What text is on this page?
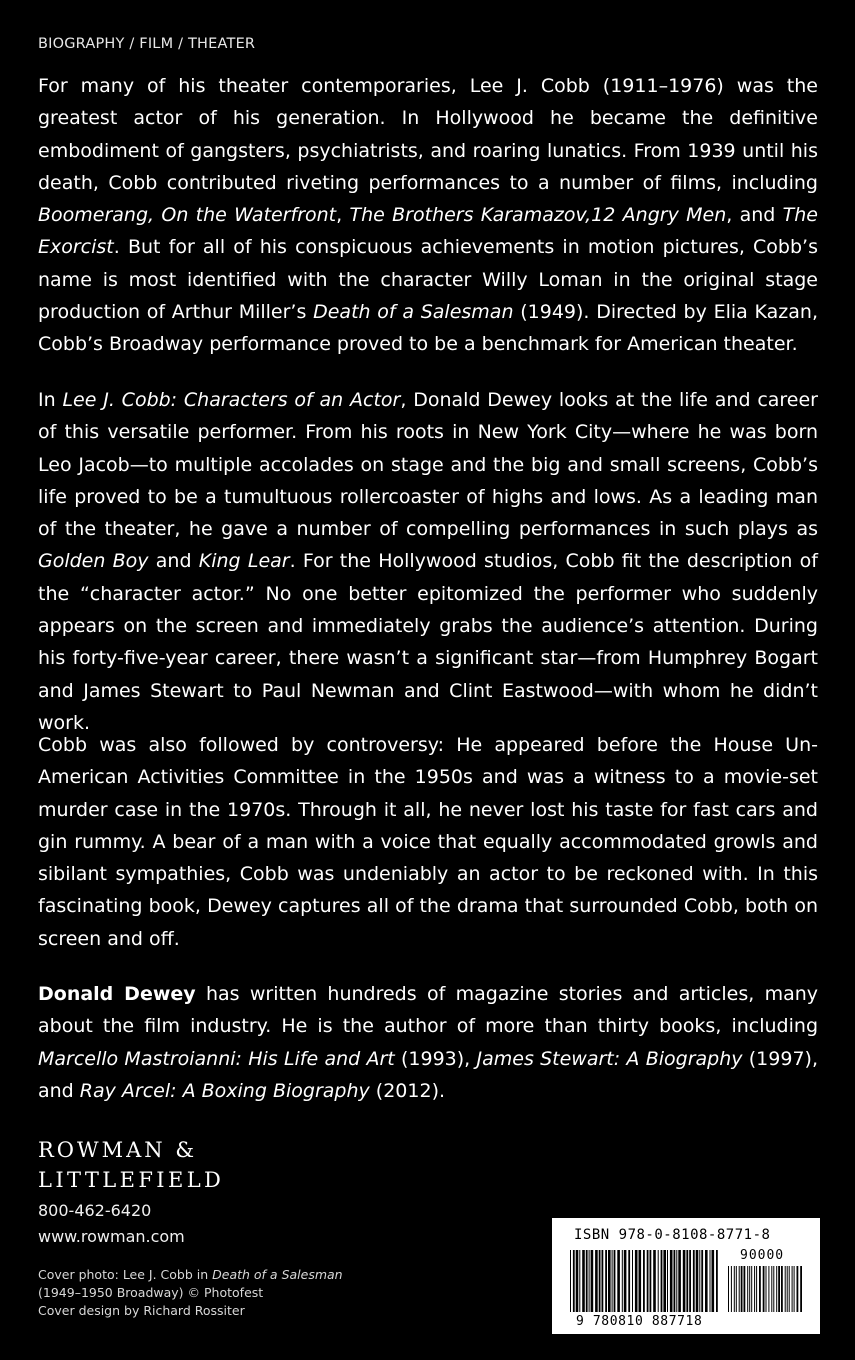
BIOGRAPHY / FILM / THEATER
For many of his theater contemporaries, Lee J. Cobb (1911–1976) was the greatest actor of his generation. In Hollywood he became the definitive embodiment of gangsters, psychiatrists, and roaring lunatics. From 1939 until his death, Cobb contributed riveting performances to a number of films, including Boomerang, On the Waterfront, The Brothers Karamazov,12 Angry Men, and The Exorcist. But for all of his conspicuous achievements in motion pictures, Cobb’s name is most identified with the character Willy Loman in the original stage production of Arthur Miller’s Death of a Salesman (1949). Directed by Elia Kazan, Cobb’s Broadway performance proved to be a benchmark for American theater.
In Lee J. Cobb: Characters of an Actor, Donald Dewey looks at the life and career of this versatile performer. From his roots in New York City—where he was born Leo Jacob—to multiple accolades on stage and the big and small screens, Cobb’s life proved to be a tumultuous rollercoaster of highs and lows. As a leading man of the theater, he gave a number of compelling performances in such plays as Golden Boy and King Lear. For the Hollywood studios, Cobb fit the description of the “character actor.” No one better epitomized the performer who suddenly appears on the screen and immediately grabs the audience’s attention. During his forty-five-year career, there wasn’t a significant star—from Humphrey Bogart and James Stewart to Paul Newman and Clint Eastwood—with whom he didn’t work.
Cobb was also followed by controversy: He appeared before the House Un-American Activities Committee in the 1950s and was a witness to a movie-set murder case in the 1970s. Through it all, he never lost his taste for fast cars and gin rummy. A bear of a man with a voice that equally accommodated growls and sibilant sympathies, Cobb was undeniably an actor to be reckoned with. In this fascinating book, Dewey captures all of the drama that surrounded Cobb, both on screen and off.
Donald Dewey has written hundreds of magazine stories and articles, many about the film industry. He is the author of more than thirty books, including Marcello Mastroianni: His Life and Art (1993), James Stewart: A Biography (1997), and Ray Arcel: A Boxing Biography (2012).
ROWMAN &
LITTLEFIELD
800-462-6420
www.rowman.com
Cover photo: Lee J. Cobb in Death of a Salesman
(1949–1950 Broadway) © Photofest
Cover design by Richard Rossiter
ISBN 978-0-8108-8771-8
90000
9 780810 887718
